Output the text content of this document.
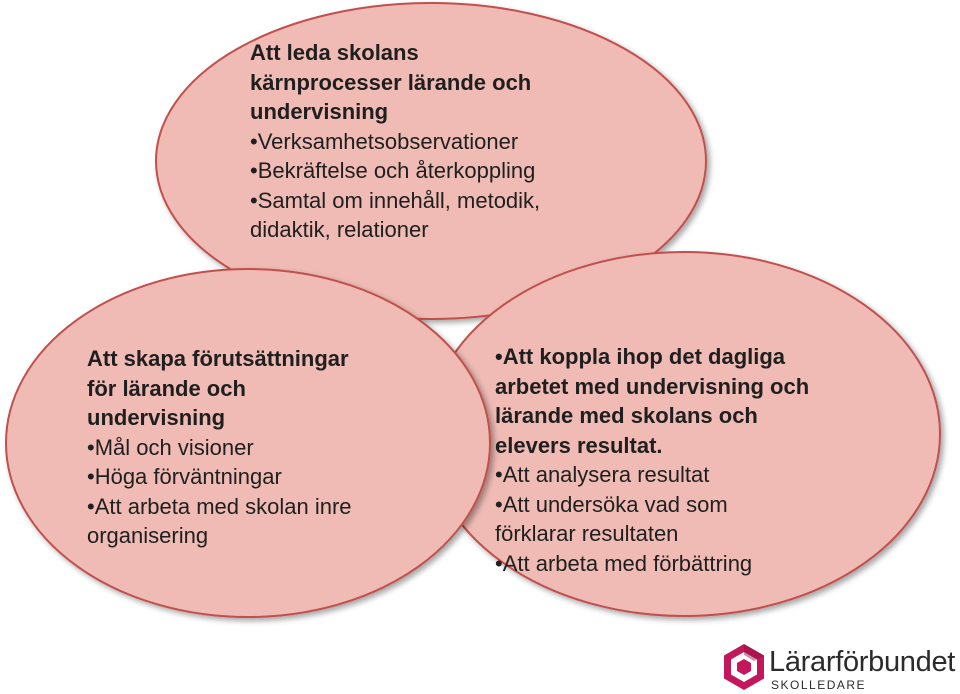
Att leda skolans
kärnprocesser lärande och
undervisning

• Verksamhetsobservationer
• Bekräftelse och återkoppling
• Samtal om innehåll, metodik,
didaktik, relationer

Att skapa förutsättningar
för lärande och
undervisning

• Mål och visioner
• Höga förväntningar
• Att arbeta med skolan inre
organisering

• Att koppla ihop det dagliga
arbetet med undervisning och
lärande med skolans och
elevers resultat.

• Att analysera resultat
• Att undersöka vad som
förklarar resultaten
• Att arbeta med förbättring
Lärarförbundet
SKOLLEDARE
